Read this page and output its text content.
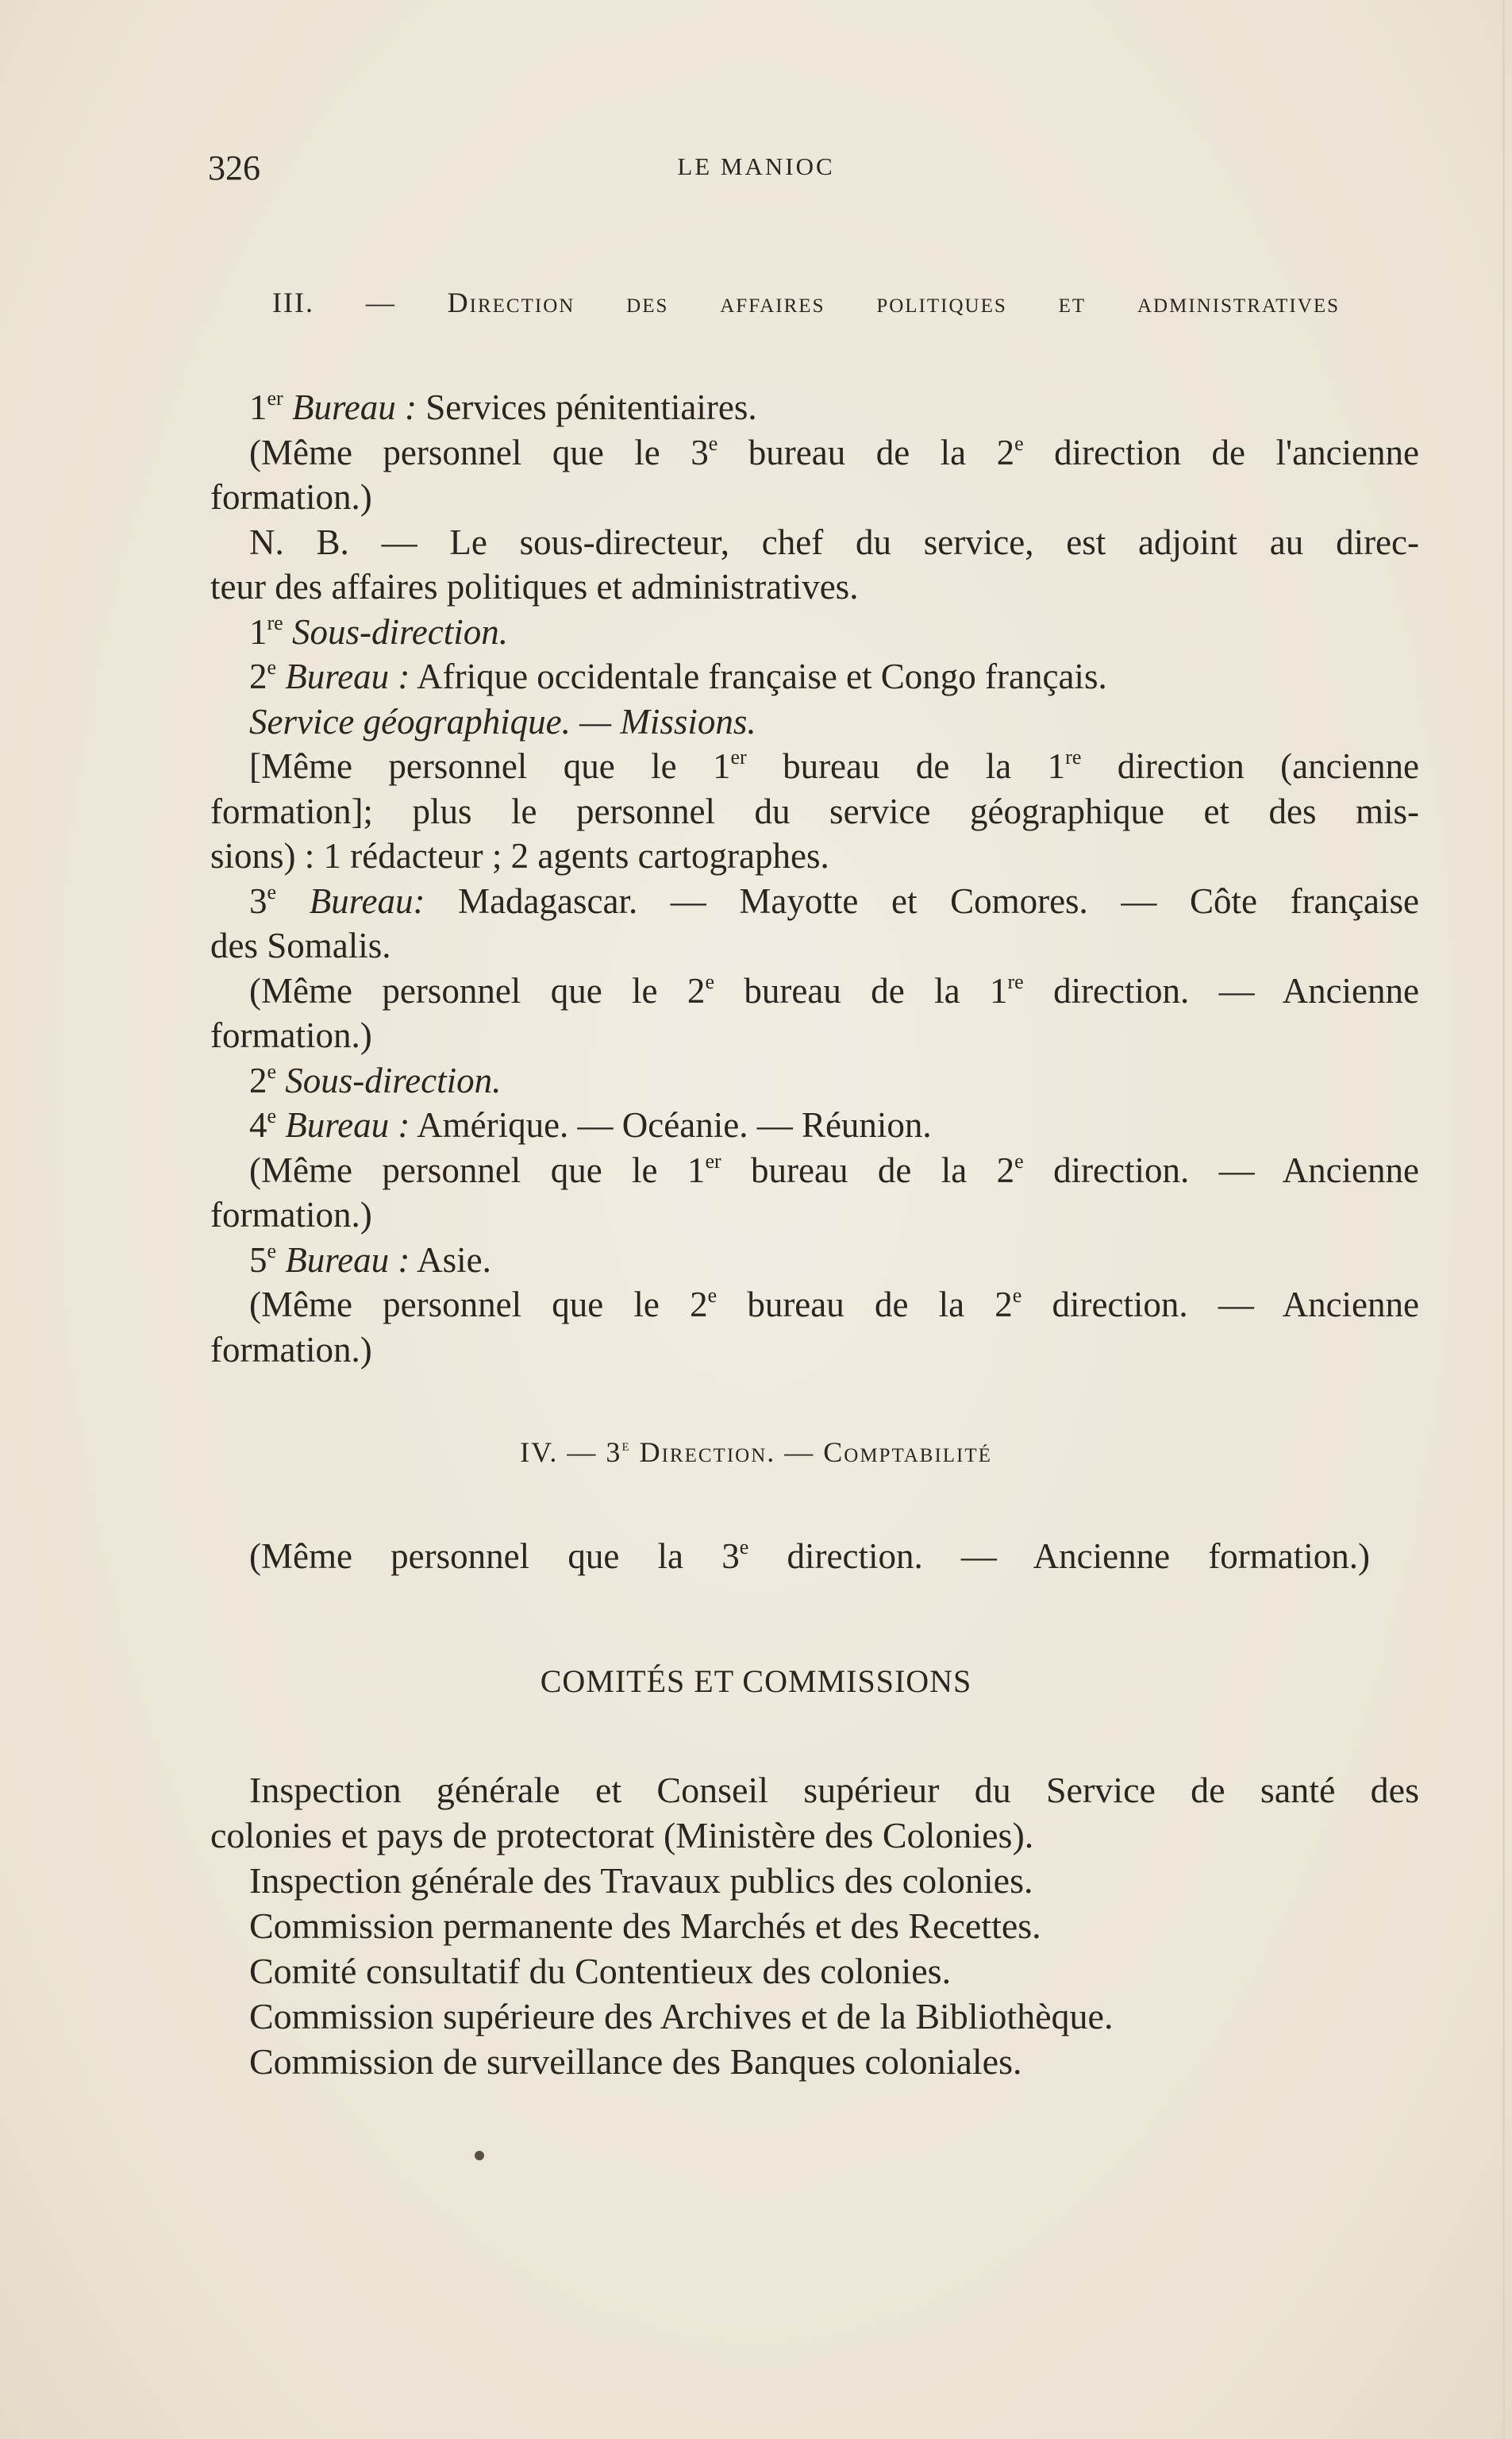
326	LE MANIOC
III. — Direction des affaires politiques et administratives
1er Bureau : Services pénitentiaires.
(Même personnel que le 3e bureau de la 2e direction de l'ancienne
formation.)
N. B. — Le sous-directeur, chef du service, est adjoint au direc-
teur des affaires politiques et administratives.
1re Sous-direction.
2e Bureau : Afrique occidentale française et Congo français.
Service géographique. — Missions.
[Même personnel que le 1er bureau de la 1re direction (ancienne
formation]; plus le personnel du service géographique et des mis-
sions) : 1 rédacteur ; 2 agents cartographes.
3e Bureau: Madagascar. — Mayotte et Comores. — Côte française
des Somalis.
(Même personnel que le 2e bureau de la 1re direction. — Ancienne
formation.)
2e Sous-direction.
4e Bureau : Amérique. — Océanie. — Réunion.
(Même personnel que le 1er bureau de la 2e direction. — Ancienne
formation.)
5e Bureau : Asie.
(Même personnel que le 2e bureau de la 2e direction. — Ancienne
formation.)
IV. — 3e Direction. — Comptabilité
(Même personnel que la 3e direction. — Ancienne formation.)
COMITÉS ET COMMISSIONS
Inspection générale et Conseil supérieur du Service de santé des
colonies et pays de protectorat (Ministère des Colonies).
Inspection générale des Travaux publics des colonies.
Commission permanente des Marchés et des Recettes.
Comité consultatif du Contentieux des colonies.
Commission supérieure des Archives et de la Bibliothèque.
Commission de surveillance des Banques coloniales.
